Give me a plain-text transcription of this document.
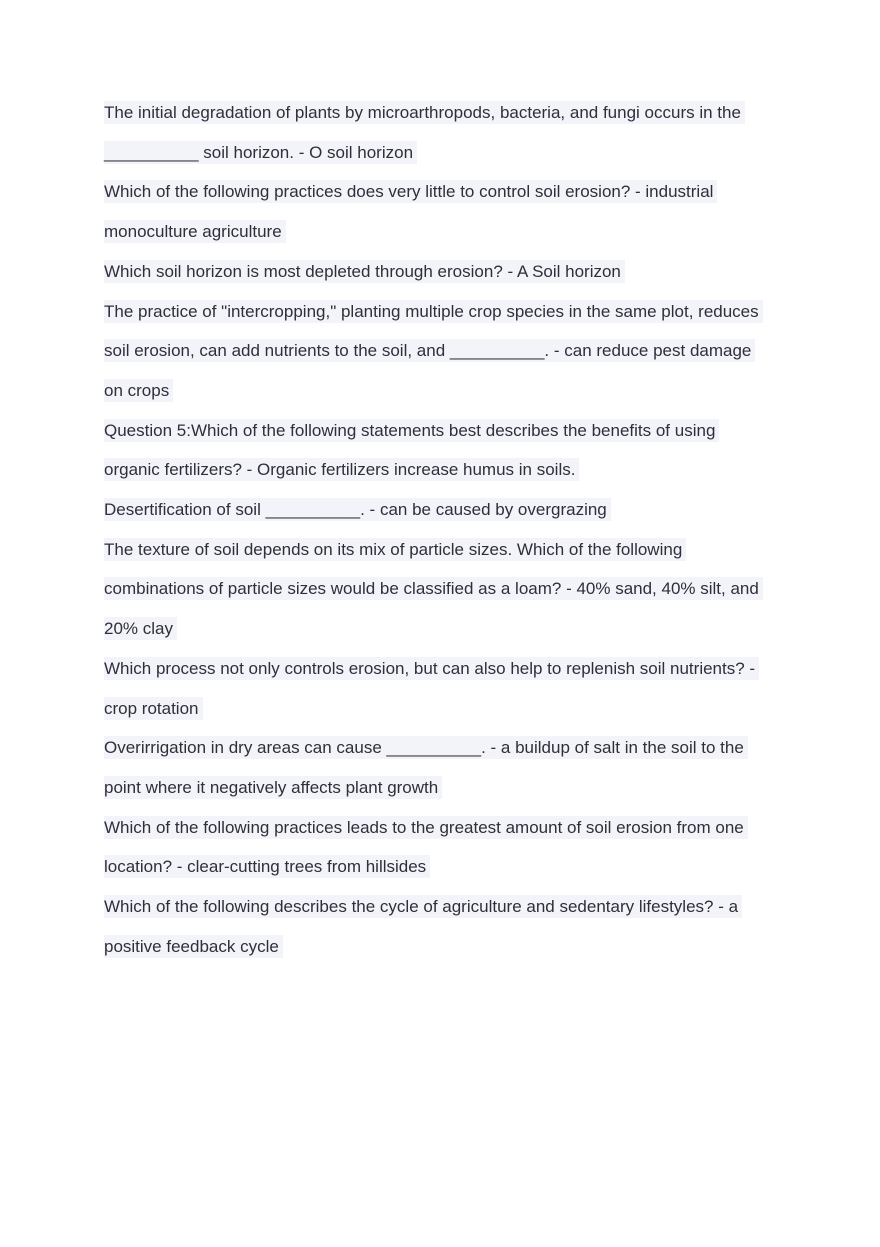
The initial degradation of plants by microarthropods, bacteria, and fungi occurs in the
__________ soil horizon. - O soil horizon
Which of the following practices does very little to control soil erosion? - industrial
monoculture agriculture
Which soil horizon is most depleted through erosion? - A Soil horizon
The practice of "intercropping," planting multiple crop species in the same plot, reduces
soil erosion, can add nutrients to the soil, and __________. - can reduce pest damage
on crops
Question 5:Which of the following statements best describes the benefits of using
organic fertilizers? - Organic fertilizers increase humus in soils.
Desertification of soil __________. - can be caused by overgrazing
The texture of soil depends on its mix of particle sizes. Which of the following
combinations of particle sizes would be classified as a loam? - 40% sand, 40% silt, and
20% clay
Which process not only controls erosion, but can also help to replenish soil nutrients? -
crop rotation
Overirrigation in dry areas can cause __________. - a buildup of salt in the soil to the
point where it negatively affects plant growth
Which of the following practices leads to the greatest amount of soil erosion from one
location? - clear-cutting trees from hillsides
Which of the following describes the cycle of agriculture and sedentary lifestyles? - a
positive feedback cycle
